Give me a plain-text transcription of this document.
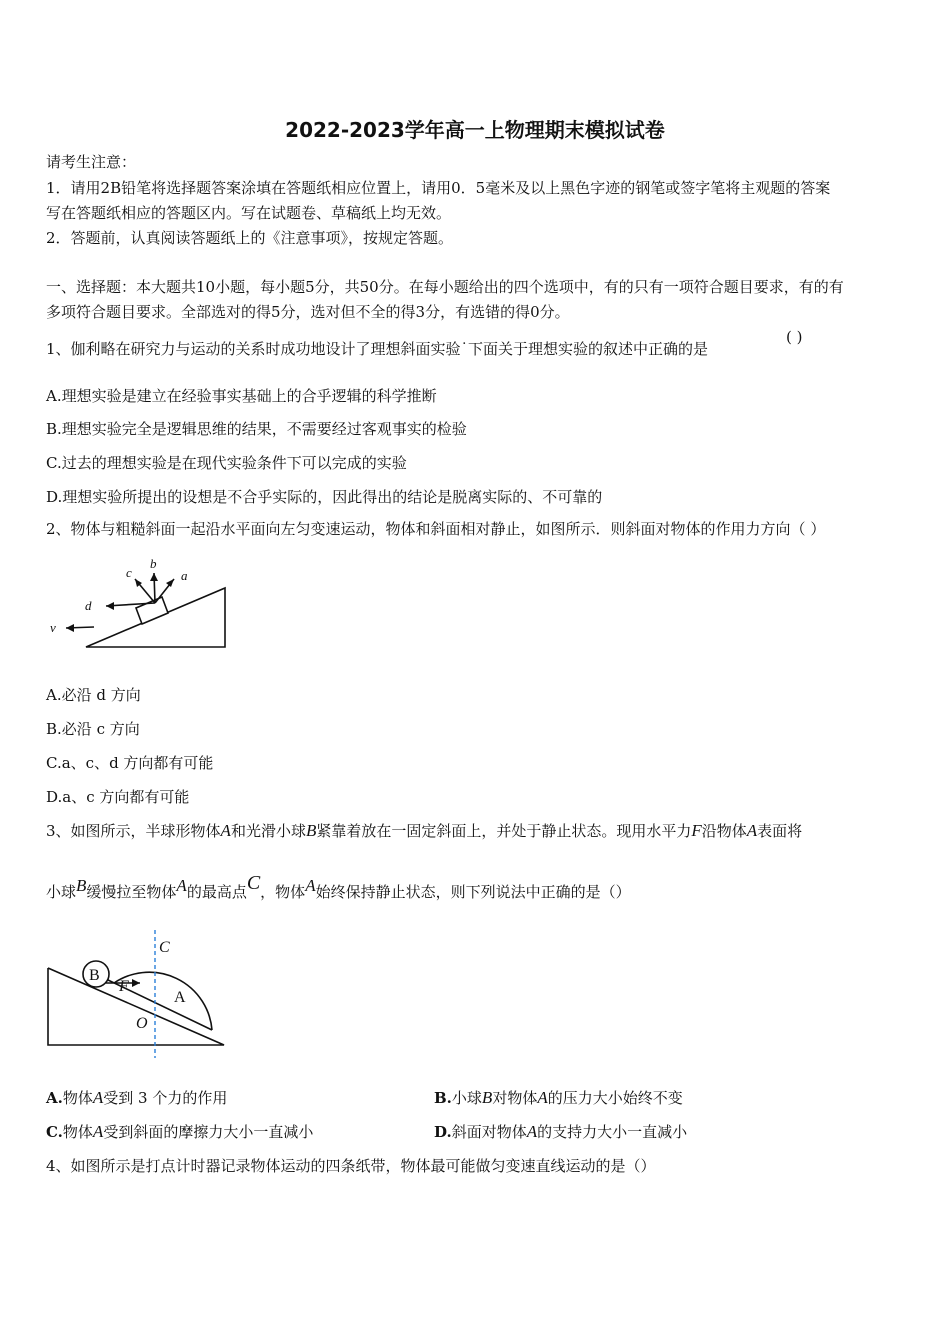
2022-2023学年高一上物理期末模拟试卷
请考生注意：
1．请用2B铅笔将选择题答案涂填在答题纸相应位置上，请用0．5毫米及以上黑色字迹的钢笔或签字笔将主观题的答案
写在答题纸相应的答题区内。写在试题卷、草稿纸上均无效。
2．答题前，认真阅读答题纸上的《注意事项》，按规定答题。
一、选择题：本大题共10小题，每小题5分，共50分。在每小题给出的四个选项中，有的只有一项符合题目要求，有的有
多项符合题目要求。全部选对的得5分，选对但不全的得3分，有选错的得0分。
1、伽利略在研究力与运动的关系时成功地设计了理想斜面实验˙下面关于理想实验的叙述中正确的是
( )
A.理想实验是建立在经验事实基础上的合乎逻辑的科学推断
B.理想实验完全是逻辑思维的结果，不需要经过客观事实的检验
C.过去的理想实验是在现代实验条件下可以完成的实验
D.理想实验所提出的设想是不合乎实际的，因此得出的结论是脱离实际的、不可靠的
2、物体与粗糙斜面一起沿水平面向左匀变速运动，物体和斜面相对静止，如图所示．则斜面对物体的作用力方向（ ）
a
b
c
d
v
A.必沿 d 方向
B.必沿 c 方向
C.a、c、d 方向都有可能
D.a、c 方向都有可能
3、如图所示，半球形物体A和光滑小球B紧靠着放在一固定斜面上，并处于静止状态。现用水平力F沿物体A表面将
小球B缓慢拉至物体A的最高点C，物体A始终保持静止状态，则下列说法中正确的是（）
B
F
A
C
O
A.物体A受到 3 个力的作用	B.小球B对物体A的压力大小始终不变
C.物体A受到斜面的摩擦力大小一直减小	D.斜面对物体A的支持力大小一直减小
4、如图所示是打点计时器记录物体运动的四条纸带，物体最可能做匀变速直线运动的是（）
